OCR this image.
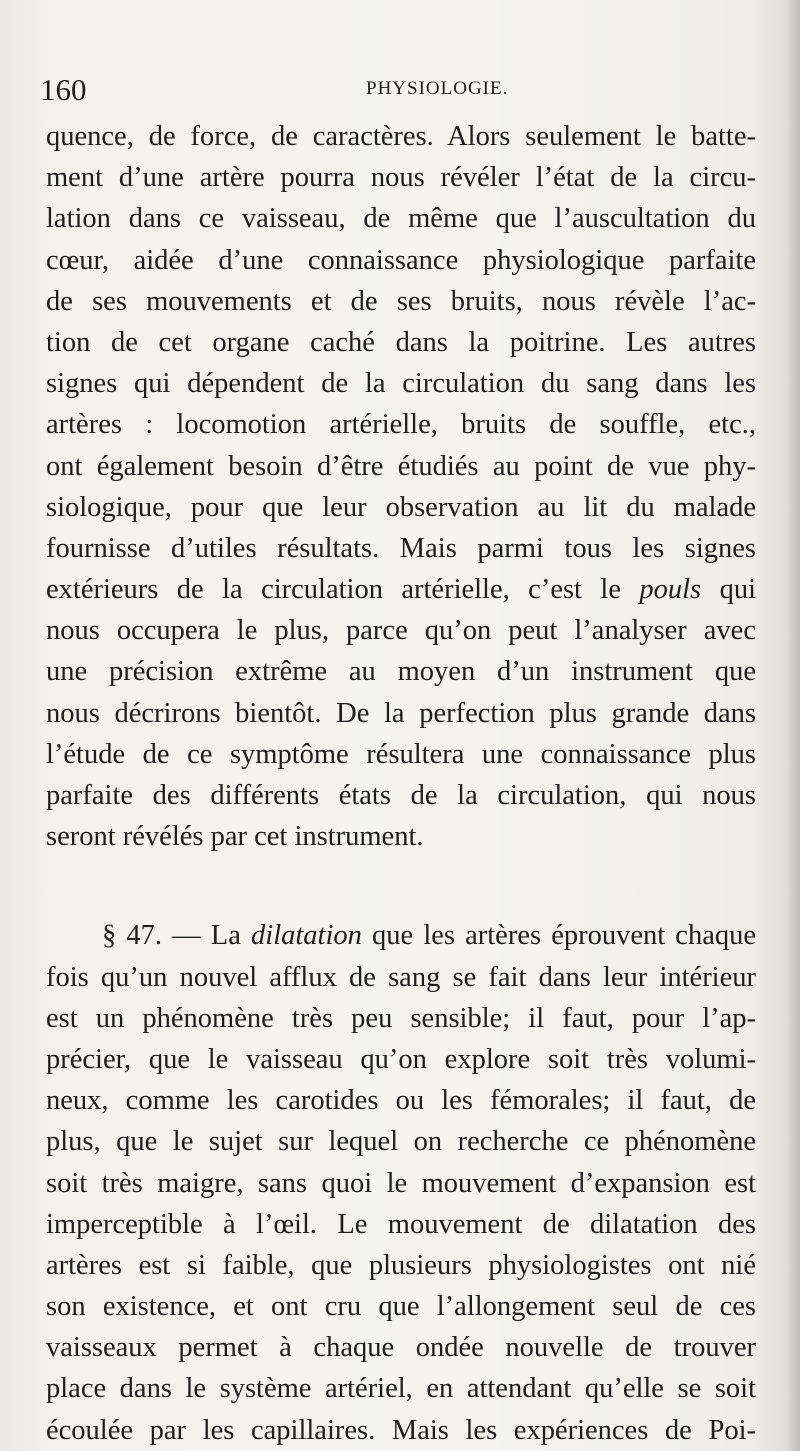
160	PHYSIOLOGIE.
quence, de force, de caractères. Alors seulement le batte-
ment d’une artère pourra nous révéler l’état de la circu-
lation dans ce vaisseau, de même que l’auscultation du
cœur, aidée d’une connaissance physiologique parfaite
de ses mouvements et de ses bruits, nous révèle l’ac-
tion de cet organe caché dans la poitrine. Les autres
signes qui dépendent de la circulation du sang dans les
artères : locomotion artérielle, bruits de souffle, etc.,
ont également besoin d’être étudiés au point de vue phy-
siologique, pour que leur observation au lit du malade
fournisse d’utiles résultats. Mais parmi tous les signes
extérieurs de la circulation artérielle, c’est le pouls qui
nous occupera le plus, parce qu’on peut l’analyser avec
une précision extrême au moyen d’un instrument que
nous décrirons bientôt. De la perfection plus grande dans
l’étude de ce symptôme résultera une connaissance plus
parfaite des différents états de la circulation, qui nous
seront révélés par cet instrument.
§ 47. — La dilatation que les artères éprouvent chaque
fois qu’un nouvel afflux de sang se fait dans leur intérieur
est un phénomène très peu sensible; il faut, pour l’ap-
précier, que le vaisseau qu’on explore soit très volumi-
neux, comme les carotides ou les fémorales; il faut, de
plus, que le sujet sur lequel on recherche ce phénomène
soit très maigre, sans quoi le mouvement d’expansion est
imperceptible à l’œil. Le mouvement de dilatation des
artères est si faible, que plusieurs physiologistes ont nié
son existence, et ont cru que l’allongement seul de ces
vaisseaux permet à chaque ondée nouvelle de trouver
place dans le système artériel, en attendant qu’elle se soit
écoulée par les capillaires. Mais les expériences de Poi-
